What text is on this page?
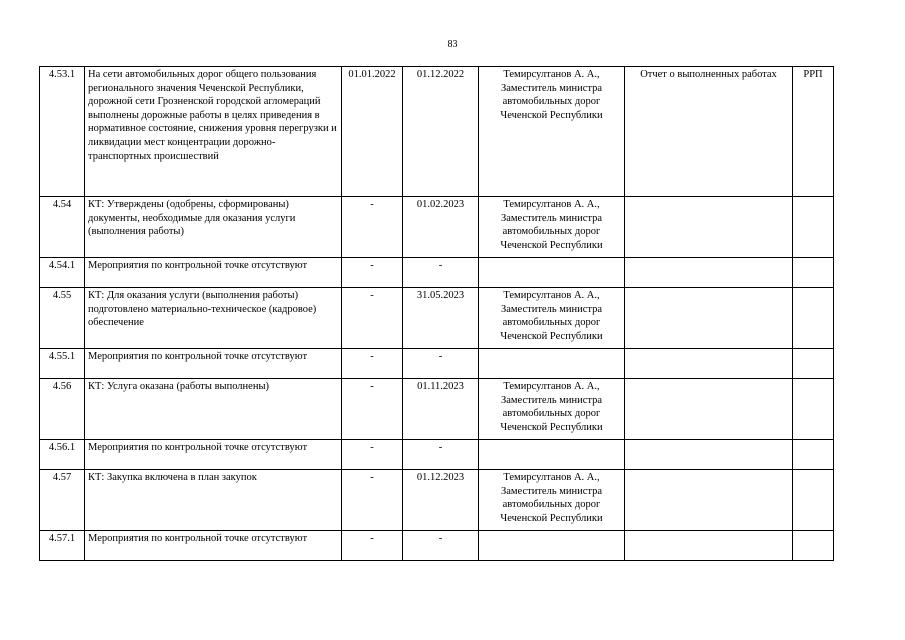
83
4.53.1	На сети автомобильных дорог общего пользования регионального значения Чеченской Республики, дорожной сети Грозненской городской агломераций выполнены дорожные работы в целях приведения в нормативное состояние, снижения уровня перегрузки и ликвидации мест концентрации дорожно-транспортных происшествий	01.01.2022	01.12.2022	Темирсултанов А. А., Заместитель министра автомобильных дорог Чеченской Республики	Отчет о выполненных работах	РРП
4.54	КТ: Утверждены (одобрены, сформированы) документы, необходимые для оказания услуги (выполнения работы)	-	01.02.2023	Темирсултанов А. А., Заместитель министра автомобильных дорог Чеченской Республики		
4.54.1	Мероприятия по контрольной точке отсутствуют	-	-			
4.55	КТ: Для оказания услуги (выполнения работы) подготовлено материально-техническое (кадровое) обеспечение	-	31.05.2023	Темирсултанов А. А., Заместитель министра автомобильных дорог Чеченской Республики		
4.55.1	Мероприятия по контрольной точке отсутствуют	-	-			
4.56	КТ: Услуга оказана (работы выполнены)	-	01.11.2023	Темирсултанов А. А., Заместитель министра автомобильных дорог Чеченской Республики		
4.56.1	Мероприятия по контрольной точке отсутствуют	-	-			
4.57	КТ: Закупка включена в план закупок	-	01.12.2023	Темирсултанов А. А., Заместитель министра автомобильных дорог Чеченской Республики		
4.57.1	Мероприятия по контрольной точке отсутствуют	-	-			
